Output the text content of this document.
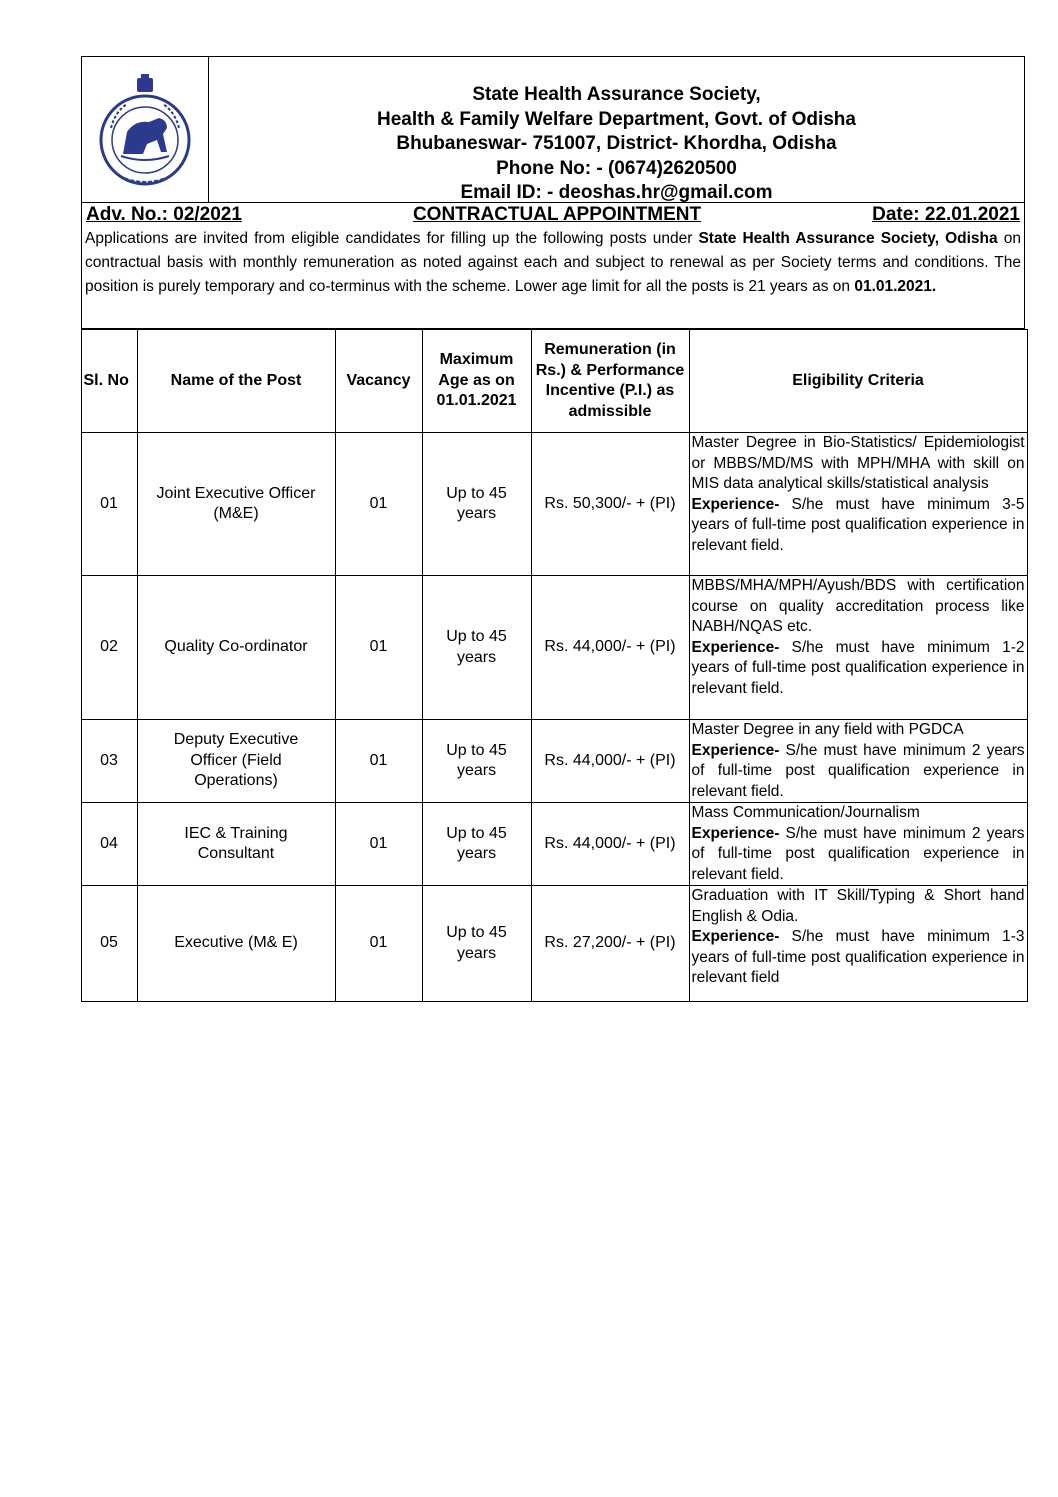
State Health Assurance Society,
Health & Family Welfare Department, Govt. of Odisha
Bhubaneswar- 751007, District- Khordha, Odisha
Phone No: - (0674)2620500
Email ID: - deoshas.hr@gmail.com
Adv. No.: 02/2021	CONTRACTUAL APPOINTMENT	Date: 22.01.2021
Applications are invited from eligible candidates for filling up the following posts under State Health Assurance Society, Odisha on contractual basis with monthly remuneration as noted against each and subject to renewal as per Society terms and conditions. The position is purely temporary and co-terminus with the scheme. Lower age limit for all the posts is 21 years as on 01.01.2021.
Sl. No	Name of the Post	Vacancy	Maximum Age as on 01.01.2021	Remuneration (in Rs.) & Performance Incentive (P.I.) as admissible	Eligibility Criteria
01	Joint Executive Officer (M&E)	01	Up to 45 years	Rs. 50,300/- + (PI)	Master Degree in Bio-Statistics/ Epidemiologist or MBBS/MD/MS with MPH/MHA with skill on MIS data analytical skills/statistical analysis
Experience- S/he must have minimum 3-5 years of full-time post qualification experience in relevant field.
02	Quality Co-ordinator	01	Up to 45 years	Rs. 44,000/- + (PI)	MBBS/MHA/MPH/Ayush/BDS with certification course on quality accreditation process like NABH/NQAS etc.
Experience- S/he must have minimum 1-2 years of full-time post qualification experience in relevant field.
03	Deputy Executive Officer (Field Operations)	01	Up to 45 years	Rs. 44,000/- + (PI)	Master Degree in any field with PGDCA
Experience- S/he must have minimum 2 years of full-time post qualification experience in relevant field.
04	IEC & Training Consultant	01	Up to 45 years	Rs. 44,000/- + (PI)	Mass Communication/Journalism
Experience- S/he must have minimum 2 years of full-time post qualification experience in relevant field.
05	Executive (M& E)	01	Up to 45 years	Rs. 27,200/- + (PI)	Graduation with IT Skill/Typing & Short hand English & Odia.
Experience- S/he must have minimum 1-3 years of full-time post qualification experience in relevant field
